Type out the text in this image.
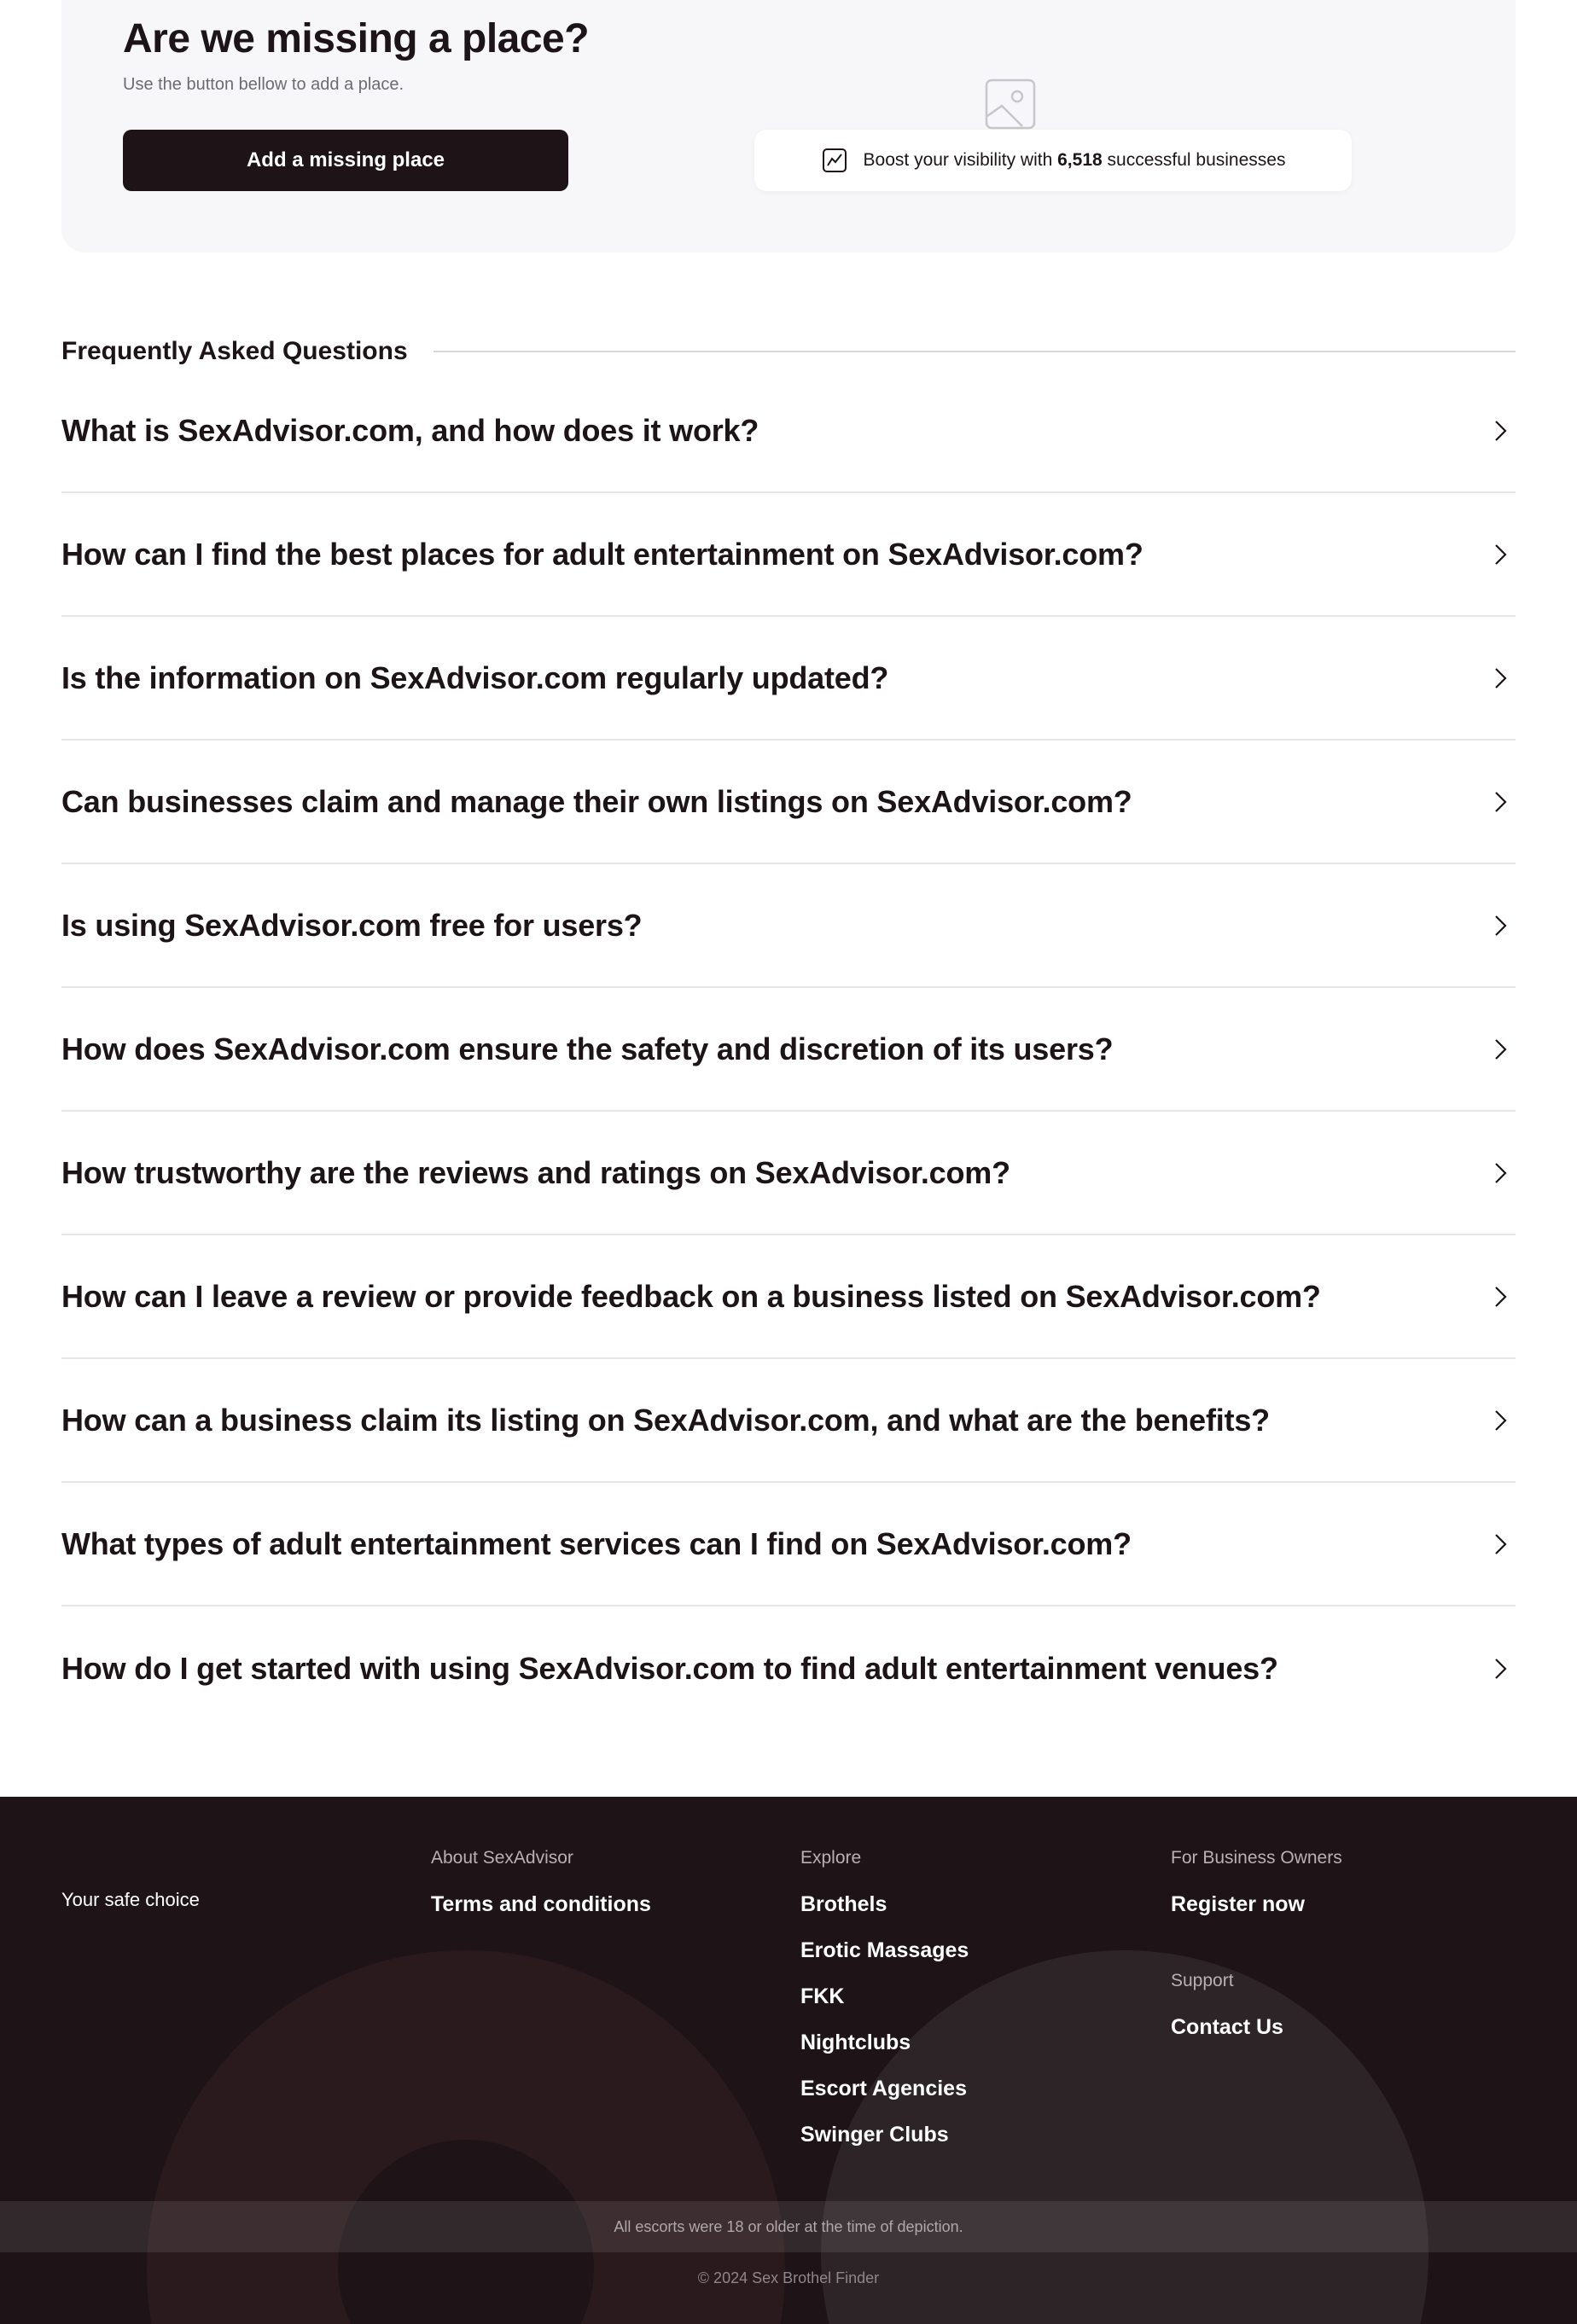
Are we missing a place?

Use the button bellow to add a place.

Add a missing place	Boost your visibility with 6,518 successful businesses
Frequently Asked Questions
What is SexAdvisor.com, and how does it work?
How can I find the best places for adult entertainment on SexAdvisor.com?
Is the information on SexAdvisor.com regularly updated?
Can businesses claim and manage their own listings on SexAdvisor.com?
Is using SexAdvisor.com free for users?
How does SexAdvisor.com ensure the safety and discretion of its users?
How trustworthy are the reviews and ratings on SexAdvisor.com?
How can I leave a review or provide feedback on a business listed on SexAdvisor.com?
How can a business claim its listing on SexAdvisor.com, and what are the benefits?
What types of adult entertainment services can I find on SexAdvisor.com?
How do I get started with using SexAdvisor.com to find adult entertainment venues?

Your safe choice

About SexAdvisor
Terms and conditions
Explore
Brothels
Erotic Massages
FKK
Nightclubs
Escort Agencies
Swinger Clubs
For Business Owners
Register now
Support
Contact Us
All escorts were 18 or older at the time of depiction.

© 2024 Sex Brothel Finder
